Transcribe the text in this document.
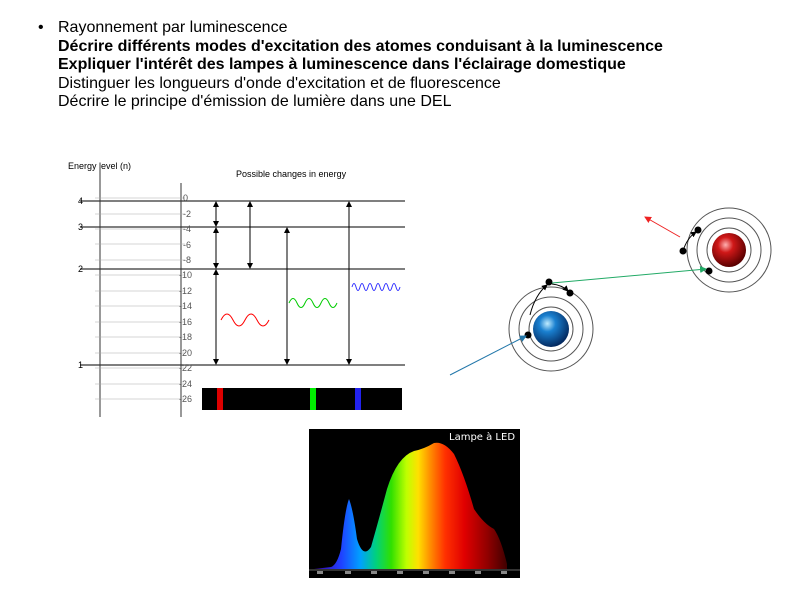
• Rayonnement par luminescence
Décrire différents modes d'excitation des atomes conduisant à la luminescence
Expliquer l'intérêt des lampes à luminescence dans l'éclairage domestique
Distinguer les longueurs d'onde d'excitation et de fluorescence
Décrire le principe d'émission de lumière dans une DEL
Energy level (n)
Possible changes in energy
4
3
2
1
0
-2
-4
-6
-8
-10
-12
-14
-16
-18
-20
-22
-24
-26
Lampe à LED
